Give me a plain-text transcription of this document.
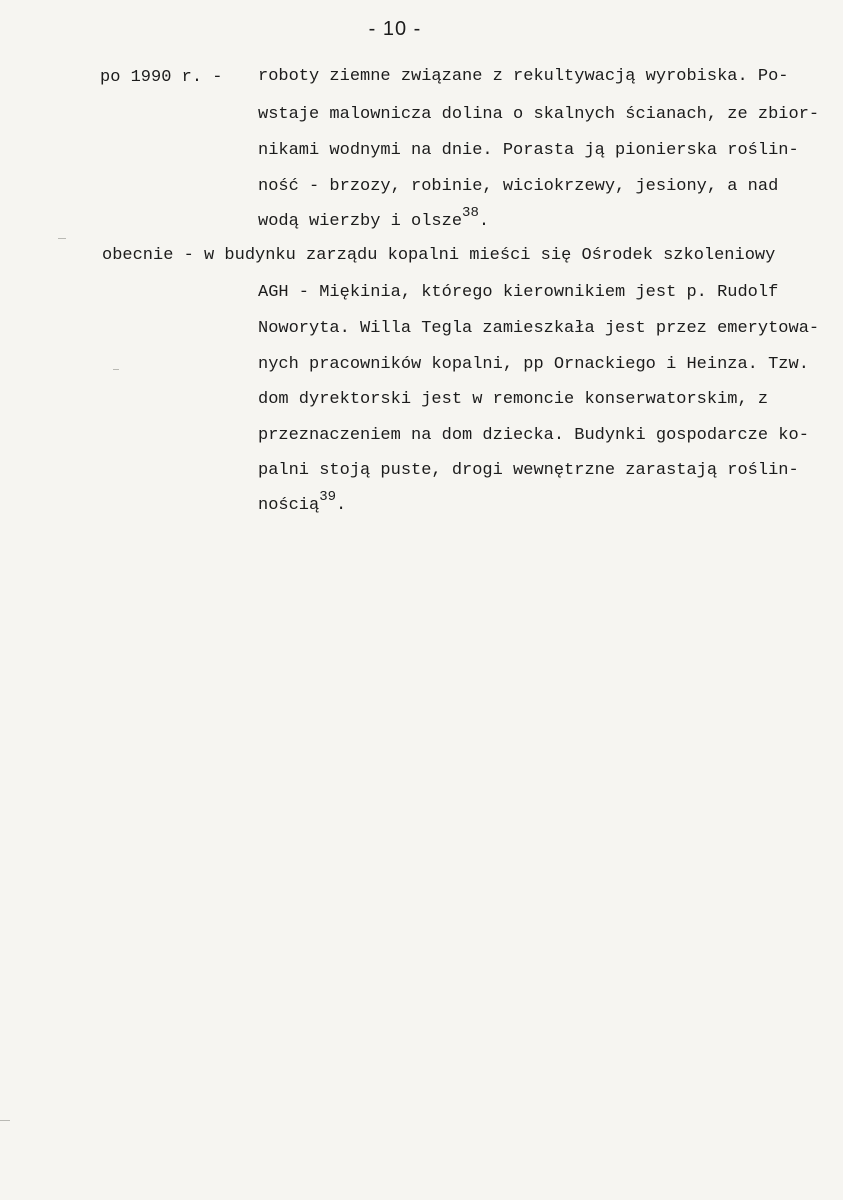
- 10 -
po 1990 r. - roboty ziemne związane z rekultywacją wyrobiska. Po-
wstaje malownicza dolina o skalnych ścianach, ze zbior-
nikami wodnymi na dnie. Porasta ją pionierska roślin-
ność - brzozy, robinie, wiciokrzewy, jesiony, a nad
wodą wierzby i olsze$^{38}$.
obecnie - w budynku zarządu kopalni mieści się Ośrodek szkoleniowy
AGH - Miękinia, którego kierownikiem jest p. Rudolf
Noworyta. Willa Tegla zamieszkała jest przez emerytowa-
nych pracowników kopalni, pp Ornackiego i Heinza. Tzw.
dom dyrektorski jest w remoncie konserwatorskim, z
przeznaczeniem na dom dziecka. Budynki gospodarcze ko-
palni stoją puste, drogi wewnętrzne zarastają roślin-
nością$^{39}$.
